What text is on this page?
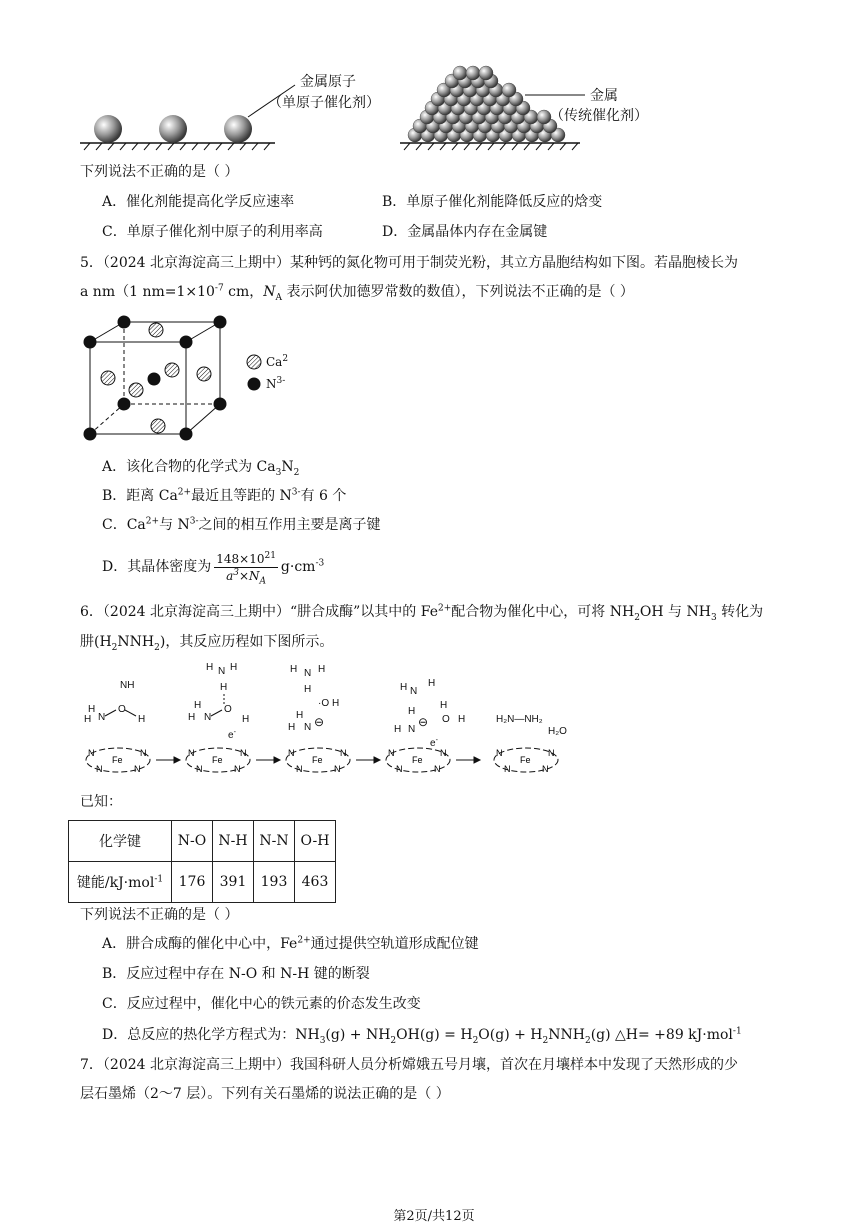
金属原子
（单原子催化剂）	金属
（传统催化剂）
下列说法不正确的是（ ）
A．催化剂能提高化学反应速率	B．单原子催化剂能降低反应的焓变
C．单原子催化剂中原子的利用率高	D．金属晶体内存在金属键
5．（2024 北京海淀高三上期中）某种钙的氮化物可用于制荧光粉，其立方晶胞结构如下图。若晶胞棱长为
a nm（1 $nm=1\times 10^{-7}$ cm，$N_A$ 表示阿伏加德罗常数的数值），下列说法不正确的是（ ）
Ca$^2$
$N^{3-}$
A．该化合物的化学式为 $Ca_3N_2$
B．距离 $Ca^{2+}$最近且等距的 $N^{3-}$有 6 个
C．$Ca^{2+}$与 $N^{3-}$之间的相互作用主要是离子键
D．其晶体密度为 $\frac{148\times 10^{21}}{a^3\times N_A} g\cdot cm^{-3}$
6．（2024 北京海淀高三上期中）“肼合成酶”以其中的 $Fe^{2+}$配合物为催化中心，可将 $NH_2OH$ 与 $NH_3$ 转化为
肼$(H_2NNH_2)$，其反应历程如下图所示。
Fe
N	N
N	N
Fe
N	N
N	N
Fe
N	N
N	N
Fe
N	N
N	N
Fe
N	N
N	N
NH
H
H N
O
H
H N H
H
H
H N
O
H
e-
H N H
H
·O H
H
H N ⊖
H N
H
H
H
O H
H N
⊖
e-
H₂N—NH₂
H₂O
已知：
化学键	N-O	N-H	N-N	O-H
键能/kJ·mol$^{-1}$	176	391	193	463
下列说法不正确的是（ ）
A．肼合成酶的催化中心中，$Fe^{2+}$通过提供空轨道形成配位键
B．反应过程中存在 N-O 和 N-H 键的断裂
C．反应过程中，催化中心的铁元素的价态发生改变
D．总反应的热化学方程式为：$NH_3(g) + NH_2OH(g) = H_2O(g) + H_2NNH_2(g)$ △H= +89 kJ·mol$^{-1}$
7．（2024 北京海淀高三上期中）我国科研人员分析嫦娥五号月壤，首次在月壤样本中发现了天然形成的少
层石墨烯（2～7 层）。下列有关石墨烯的说法正确的是（ ）
第2页/共12页
